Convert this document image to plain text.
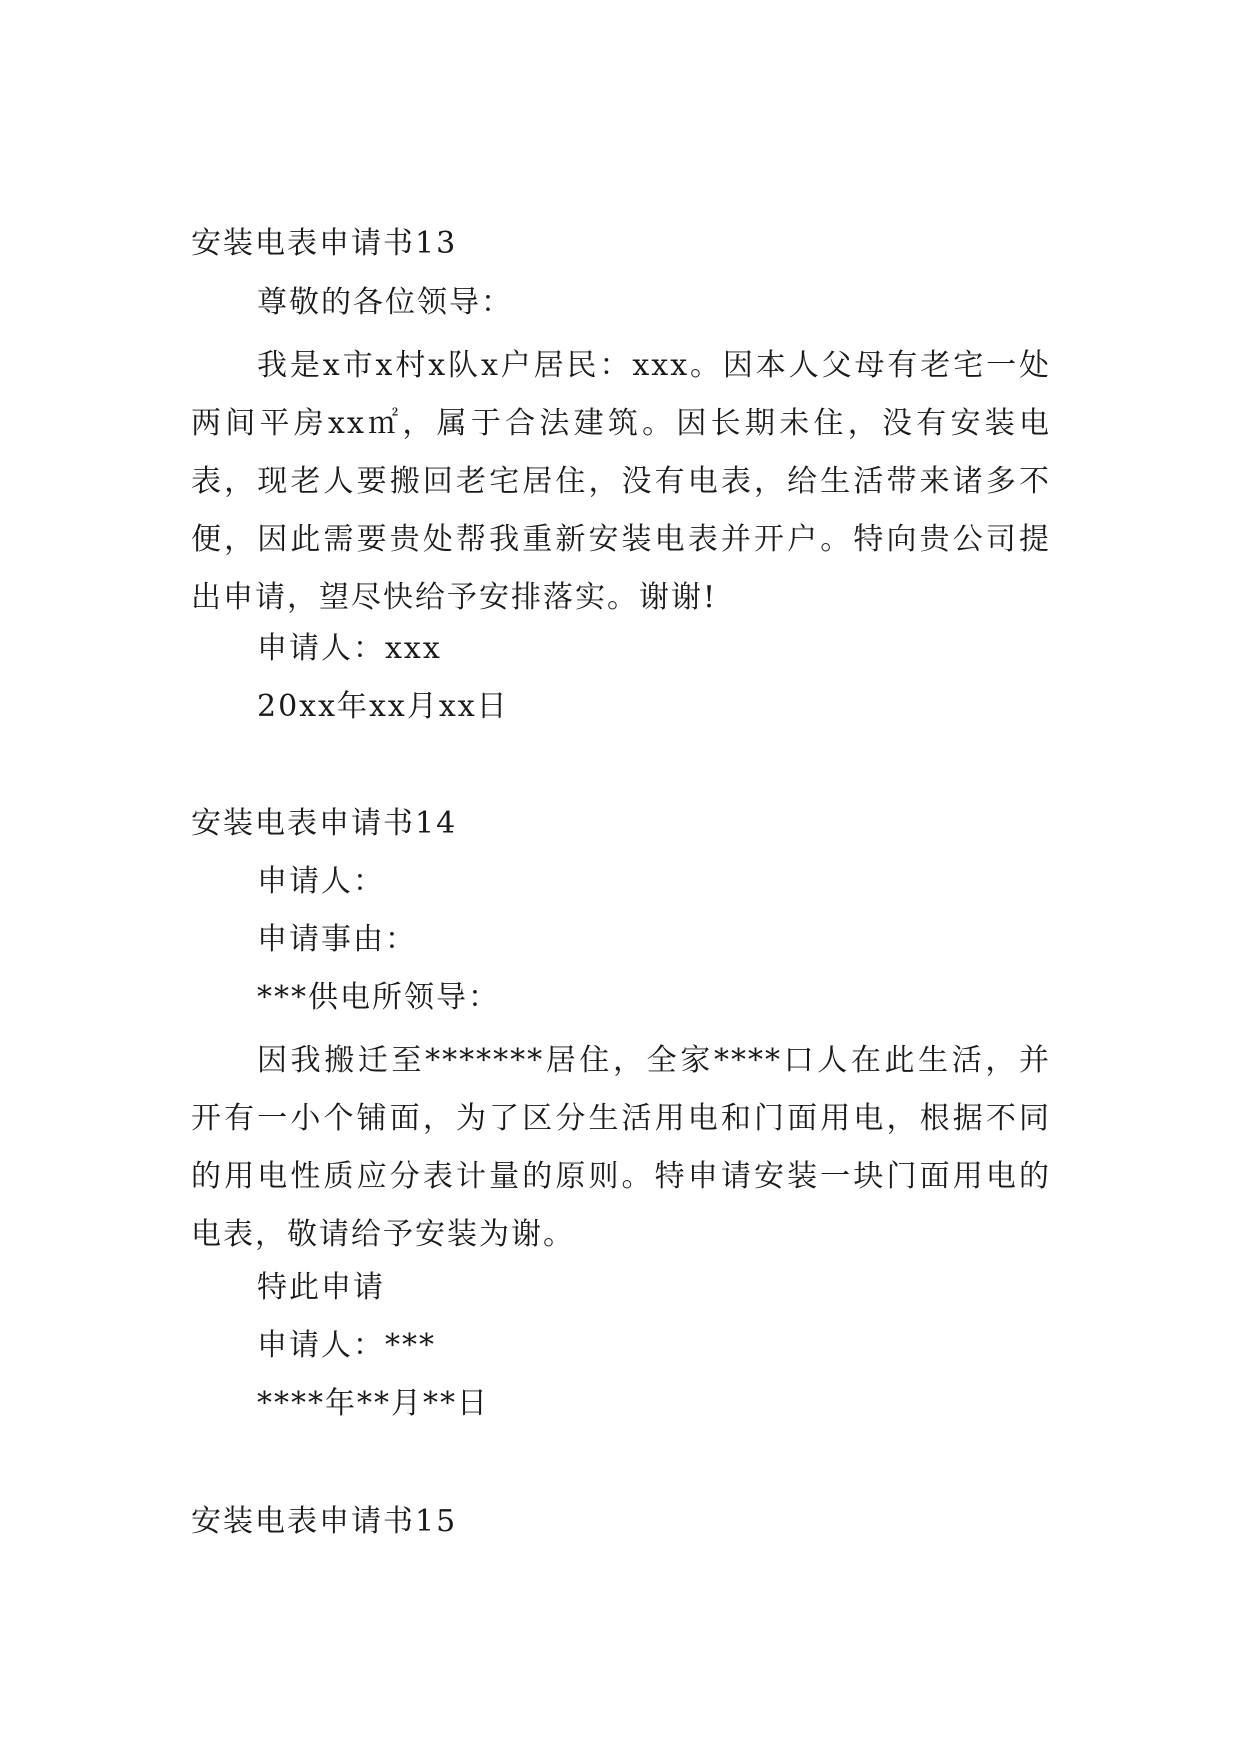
安装电表申请书13
尊敬的各位领导：
我是x市x村x队x户居民：xxx。因本人父母有老宅一处两间平房xx㎡，属于合法建筑。因长期未住，没有安装电表，现老人要搬回老宅居住，没有电表，给生活带来诸多不便，因此需要贵处帮我重新安装电表并开户。特向贵公司提出申请，望尽快给予安排落实。谢谢!
申请人：xxx
20xx年xx月xx日
安装电表申请书14
申请人：
申请事由：
***供电所领导：
因我搬迁至*******居住，全家****口人在此生活，并开有一小个铺面，为了区分生活用电和门面用电，根据不同的用电性质应分表计量的原则。特申请安装一块门面用电的电表，敬请给予安装为谢。
特此申请
申请人：***
****年**月**日
安装电表申请书15
